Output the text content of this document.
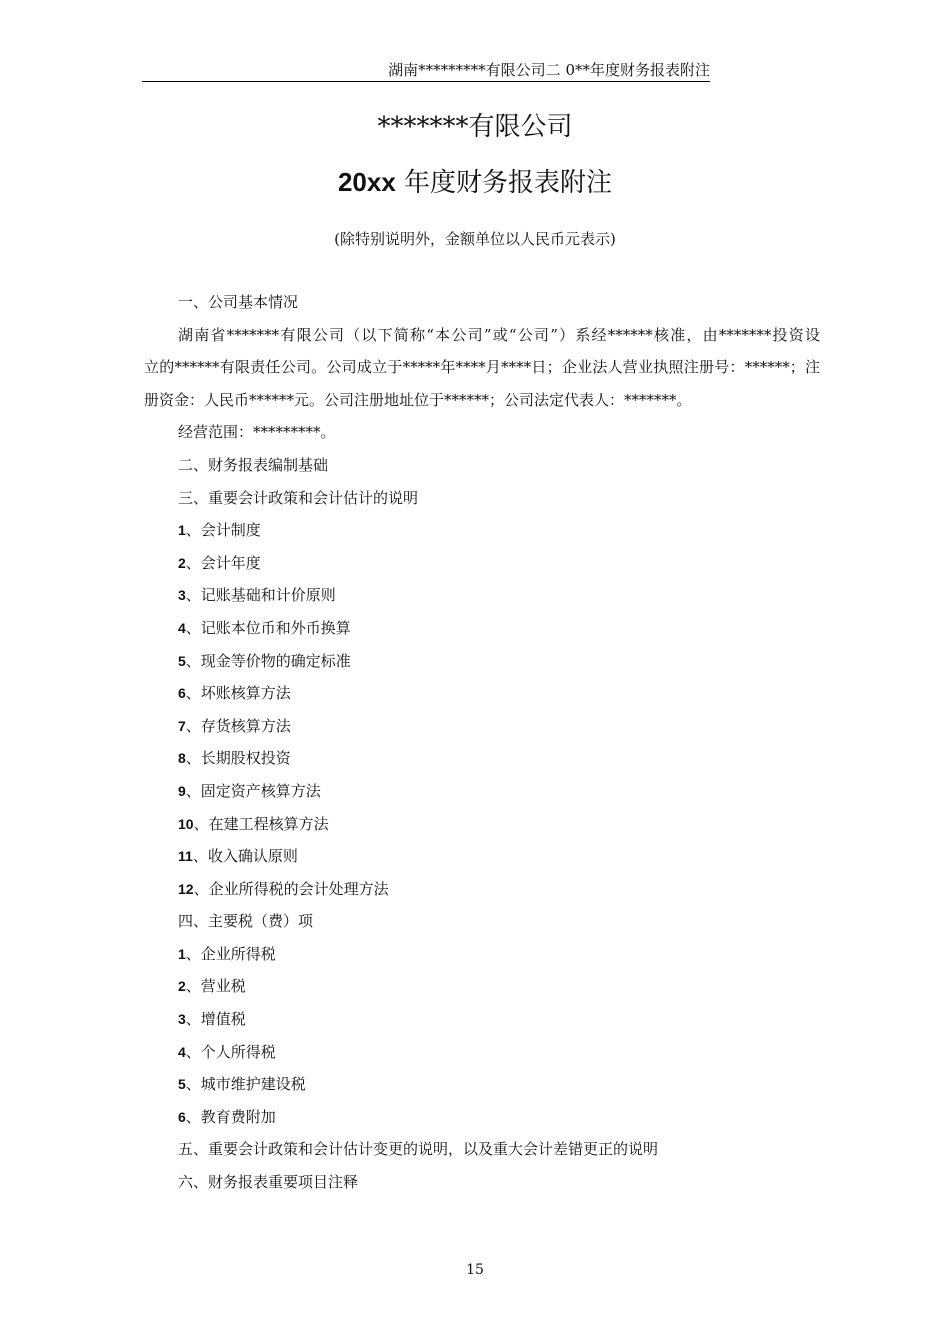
湖南*********有限公司二 0**年度财务报表附注
*******有限公司
20xx 年度财务报表附注
(除特别说明外，金额单位以人民币元表示)
一、公司基本情况
湖南省*******有限公司（以下简称“本公司”或“公司”）系经******核准，由*******投资设
立的******有限责任公司。公司成立于*****年****月****日；企业法人营业执照注册号：******；注
册资金：人民币******元。公司注册地址位于******；公司法定代表人：*******。
经营范围：*********。
二、财务报表编制基础
三、重要会计政策和会计估计的说明
1、会计制度
2、会计年度
3、记账基础和计价原则
4、记账本位币和外币换算
5、现金等价物的确定标准
6、坏账核算方法
7、存货核算方法
8、长期股权投资
9、固定资产核算方法
10、在建工程核算方法
11、收入确认原则
12、企业所得税的会计处理方法
四、主要税（费）项
1、企业所得税
2、营业税
3、增值税
4、个人所得税
5、城市维护建设税
6、教育费附加
五、重要会计政策和会计估计变更的说明，以及重大会计差错更正的说明
六、财务报表重要项目注释
15
